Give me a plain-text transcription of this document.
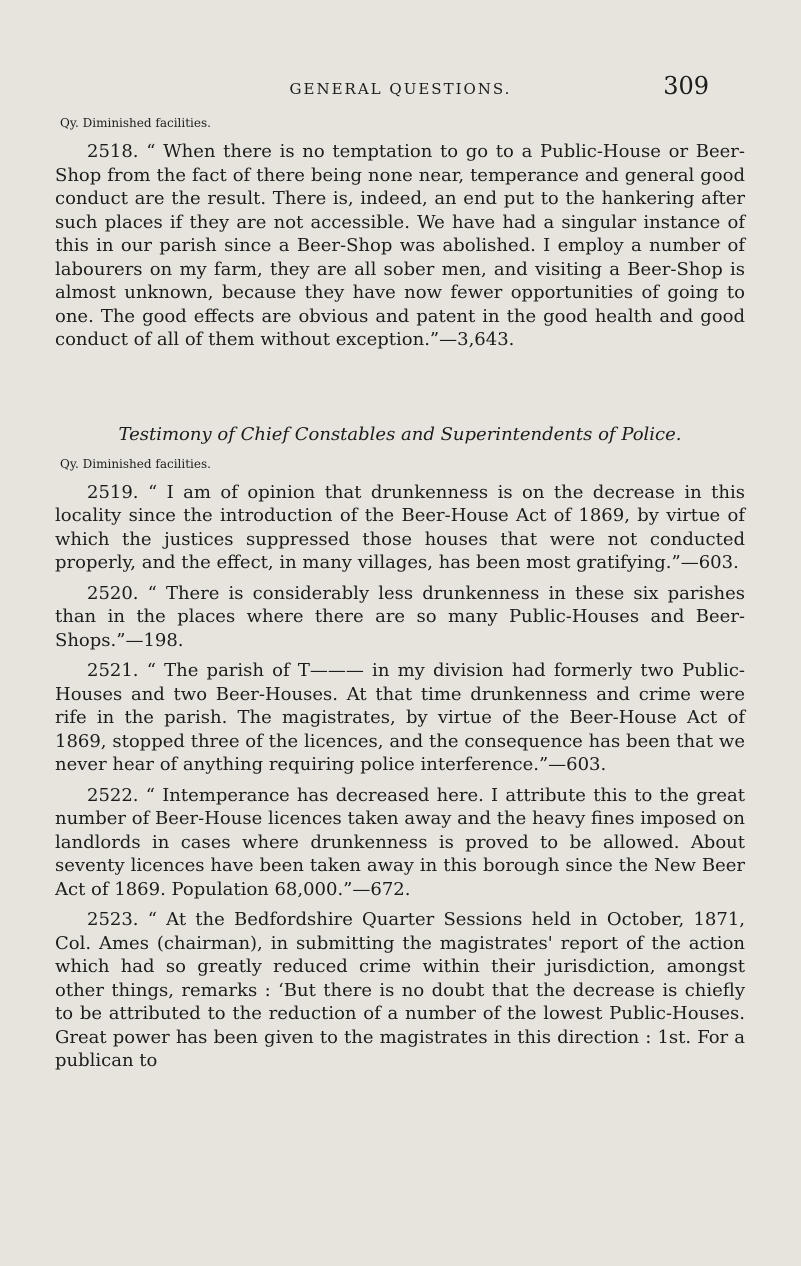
GENERAL QUESTIONS.	309
Qy. Diminished facilities.

2518. “ When there is no temptation to go to a Public-House or Beer-Shop from the fact of there being none near, temperance and general good conduct are the result. There is, indeed, an end put to the hankering after such places if they are not accessible. We have had a singular instance of this in our parish since a Beer-Shop was abolished. I employ a number of labourers on my farm, they are all sober men, and visiting a Beer-Shop is almost unknown, because they have now fewer opportunities of going to one. The good effects are obvious and patent in the good health and good conduct of all of them without exception.”—3,643.

Testimony of Chief Constables and Superintendents of Police.
Qy. Diminished facilities.

2519. “ I am of opinion that drunkenness is on the decrease in this locality since the introduction of the Beer-House Act of 1869, by virtue of which the justices suppressed those houses that were not conducted properly, and the effect, in many villages, has been most gratifying.”—603.

2520. “ There is considerably less drunkenness in these six parishes than in the places where there are so many Public-Houses and Beer-Shops.”—198.

2521. “ The parish of T——— in my division had formerly two Public-Houses and two Beer-Houses. At that time drunkenness and crime were rife in the parish. The magistrates, by virtue of the Beer-House Act of 1869, stopped three of the licences, and the consequence has been that we never hear of anything requiring police interference.”—603.

2522. “ Intemperance has decreased here. I attribute this to the great number of Beer-House licences taken away and the heavy fines imposed on landlords in cases where drunkenness is proved to be allowed. About seventy licences have been taken away in this borough since the New Beer Act of 1869. Population 68,000.”—672.

2523. “ At the Bedfordshire Quarter Sessions held in October, 1871, Col. Ames (chairman), in submitting the magistrates' report of the action which had so greatly reduced crime within their jurisdiction, amongst other things, remarks : ‘But there is no doubt that the decrease is chiefly to be attributed to the reduction of a number of the lowest Public-Houses. Great power has been given to the magistrates in this direction : 1st. For a publican to
